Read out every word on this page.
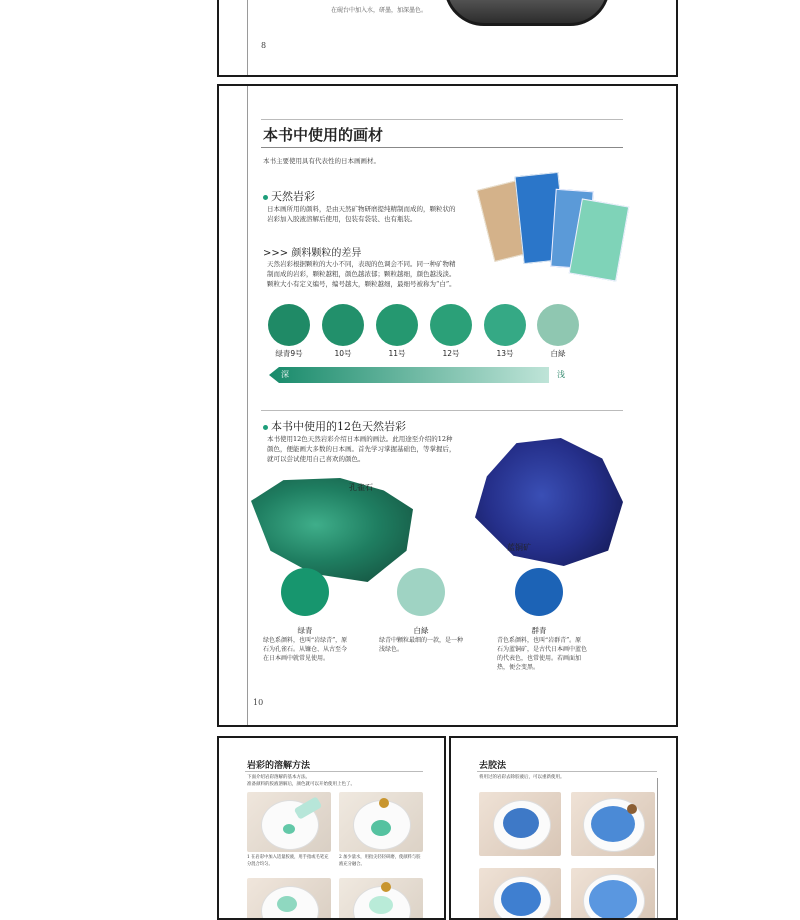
在砚台中加入水，研墨，加深墨色。
8
本书中使用的画材
本书主要使用具有代表性的日本画画材。
天然岩彩
日本画所用的颜料，是由天然矿物研磨提纯精制而成的，颗粒状的
岩彩加入胶液溶解后使用，包装有袋装、也有瓶装。
>>> 颜料颗粒的差异
天然岩彩根据颗粒的大小不同，表现的色调会不同。同一种矿物精
制而成的岩彩，颗粒越粗，颜色越浓郁；颗粒越细，颜色越浅淡。
颗粒大小有定义编号，编号越大，颗粒越细，最细号被称为“白”。
绿青9号	10号	11号	12号	13号	白緑
深	浅
本书中使用的12色天然岩彩
本书使用12色天然岩彩介绍日本画的画法。此用途至介绍的12种
颜色，便能画大多数的日本画。首先学习掌握基础色，等掌握后，
就可以尝试使用自己喜欢的颜色。
孔雀石
蓝铜矿
绿青	白緑	群青
绿色系颜料，也叫“岩绿青”，原
石为孔雀石。从镰仓、从古至今
在日本画中就常见使用。
绿青中颗粒最细的一款，是一种
浅绿色。
青色系颜料，也叫“岩群青”。原
石为蓝铜矿，是古代日本画中蓝色
的代表色，也常使用。若画面加
热，便会变黑。
10
岩彩的溶解方法
下面介绍岩彩溶解的基本方法。
准备颜料的胶液溶解后，颜色就可以开始使用上色了。
1 在岩彩中加入适量胶液，用手指或毛笔充分混合均匀。
2 加少量水，用指尖轻轻研磨，使颜料与胶液充分融合。
去胶法
将用过的岩彩去除胶液后，可以重新使用。
